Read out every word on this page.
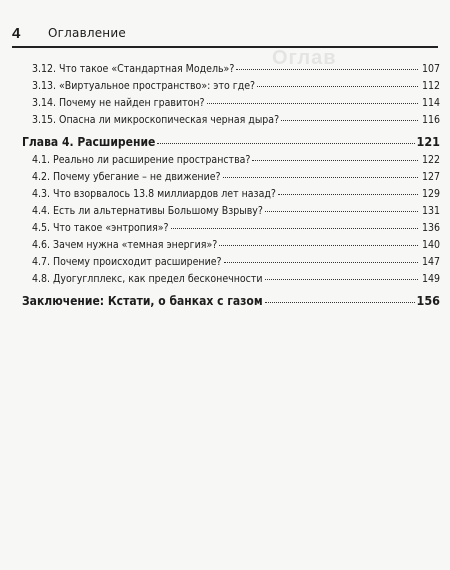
4	Оглавление
Оглав
3.12. Что такое «Стандартная Модель»?	107
3.13. «Виртуальное пространство»: это где?	112
3.14. Почему не найден гравитон?	114
3.15. Опасна ли микроскопическая черная дыра?	116
Глава 4. Расширение	121
4.1. Реально ли расширение пространства?	122
4.2. Почему убегание – не движение?	127
4.3. Что взорвалось 13.8 миллиардов лет назад?	129
4.4. Есть ли альтернативы Большому Взрыву?	131
4.5. Что такое «энтропия»?	136
4.6. Зачем нужна «темная энергия»?	140
4.7. Почему происходит расширение?	147
4.8. Дуогуглплекс, как предел бесконечности	149
Заключение: Кстати, о банках с газом	156
